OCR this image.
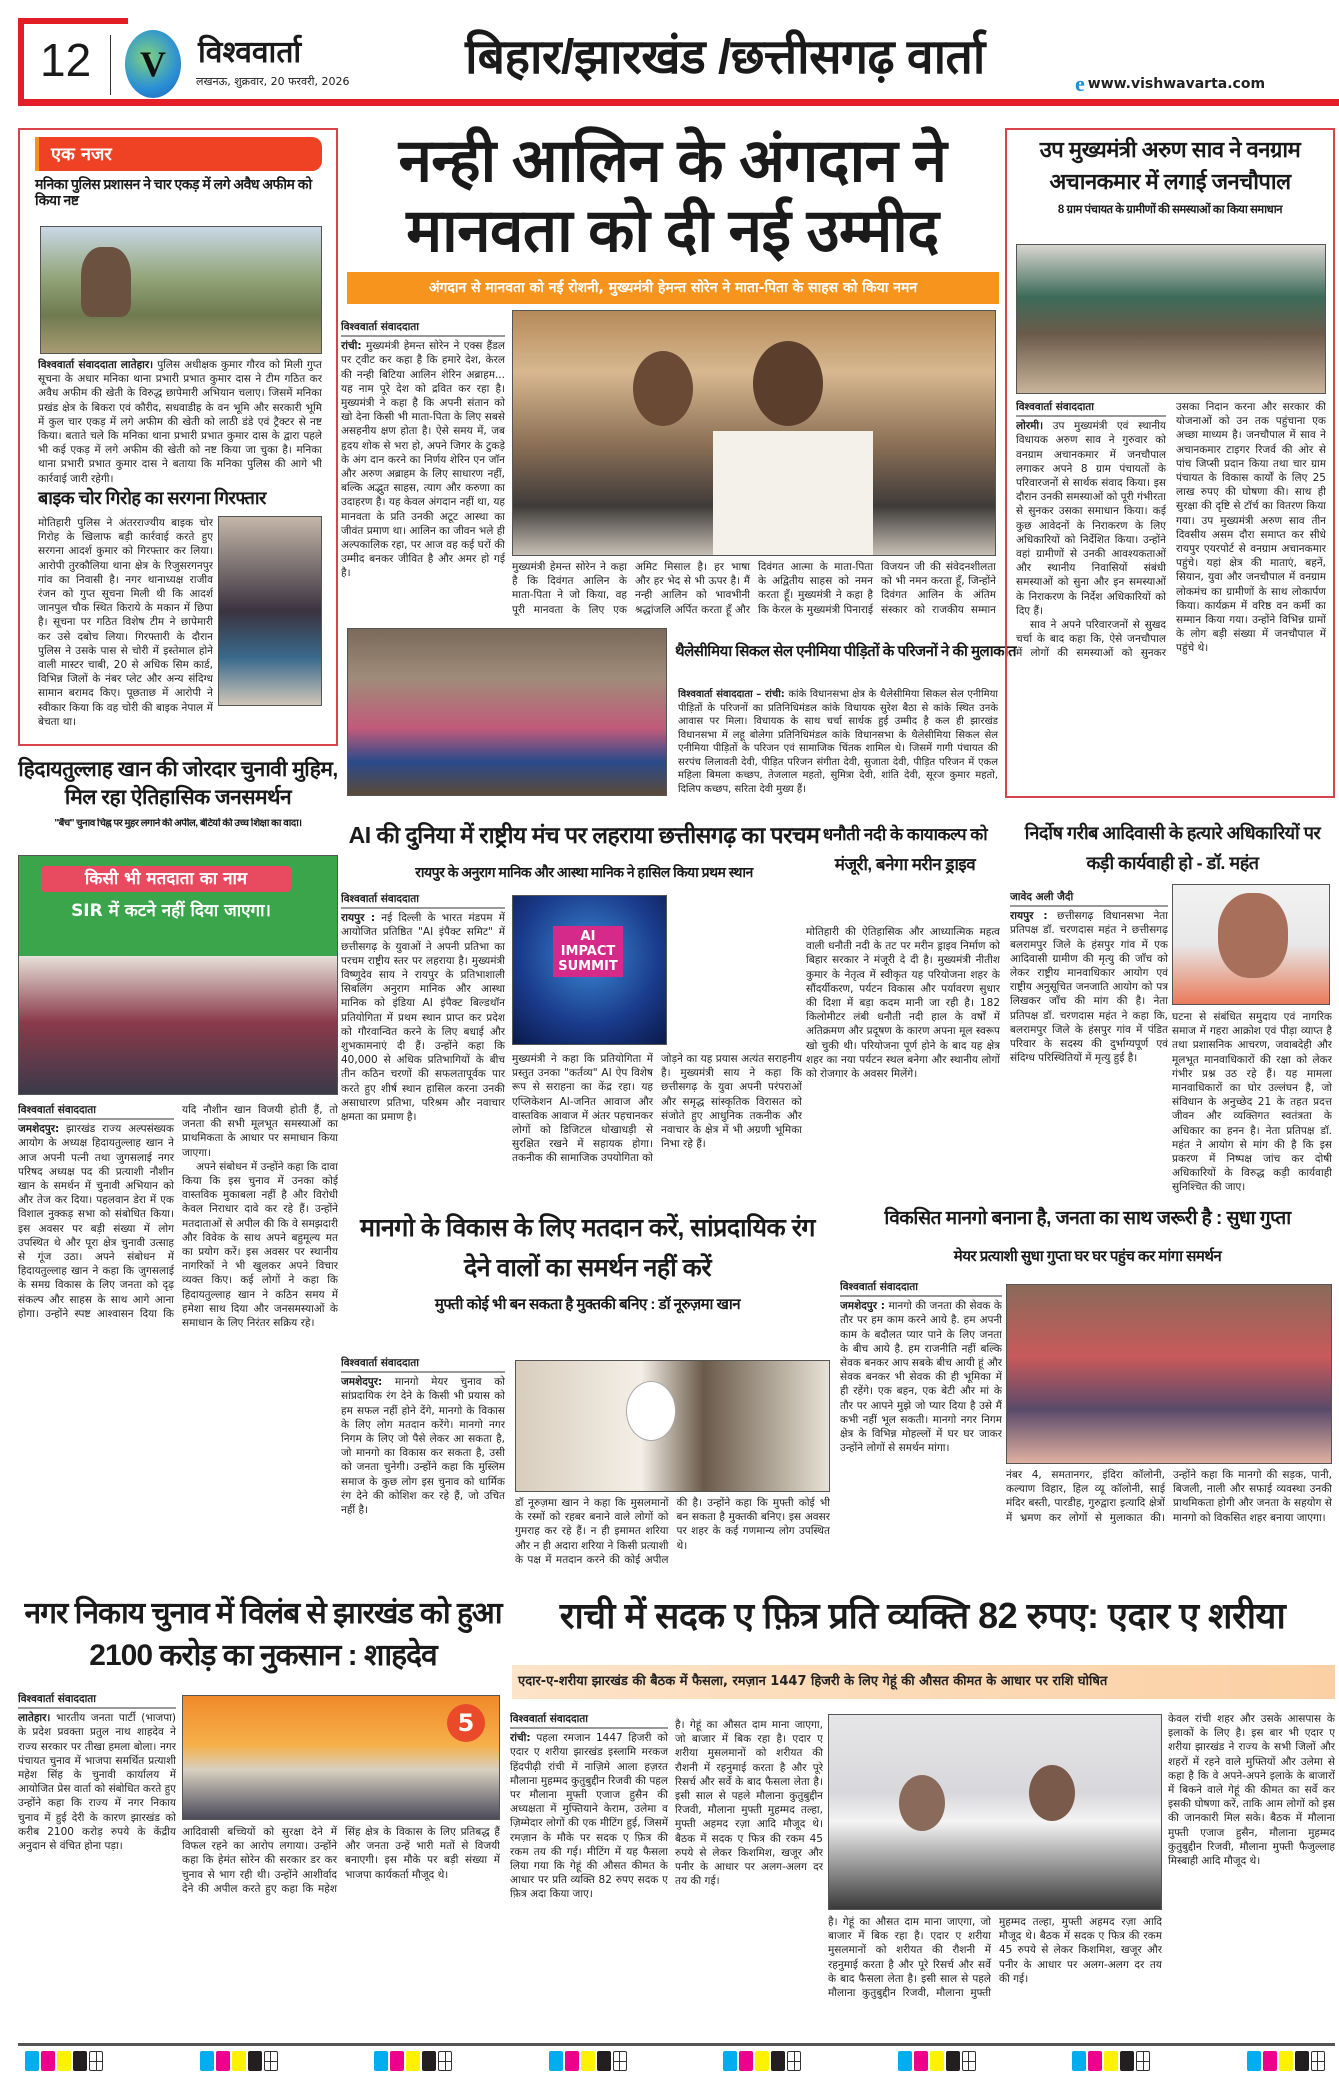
12	V	विश्ववार्ता
लखनऊ, शुक्रवार, 20 फरवरी, 2026	बिहार/झारखंड /छत्तीसगढ़ वार्ता	e www.vishwavarta.com
एक नजर
मनिका पुलिस प्रशासन ने चार एकड़ में लगे अवैध अफीम को किया नष्ट
विश्ववार्ता संवाददाता लातेहार। पुलिस अधीक्षक कुमार गौरव को मिली गुप्त सूचना के अधार मनिका थाना प्रभारी प्रभात कुमार दास ने टीम गठित कर अवैध अफीम की खेती के विरुद्ध छापेमारी अभियान चलाए। जिसमें मनिका प्रखंड क्षेत्र के बिकरा एवं कौरीद, सधवाडीह के वन भूमि और सरकारी भूमि में कुल चार एकड़ में लगे अफीम की खेती को लाठी डंडे एवं ट्रैक्टर से नष्ट किया। बताते चले कि मनिका थाना प्रभारी प्रभात कुमार दास के द्वारा पहले भी कई एकड़ में लगे अफीम की खेती को नष्ट किया जा चुका है। मनिका थाना प्रभारी प्रभात कुमार दास ने बताया कि मनिका पुलिस की आगे भी कार्रवाई जारी रहेगी।
बाइक चोर गिरोह का सरगना गिरफ्तार
मोतिहारी पुलिस ने अंतरराज्यीय बाइक चोर गिरोह के खिलाफ बड़ी कार्रवाई करते हुए सरगना आदर्श कुमार को गिरफ्तार कर लिया। आरोपी तुरकौलिया थाना क्षेत्र के रिजुसरगनपुर गांव का निवासी है। नगर थानाध्यक्ष राजीव रंजन को गुप्त सूचना मिली थी कि आदर्श जानपुल चौक स्थित किराये के मकान में छिपा है। सूचना पर गठित विशेष टीम ने छापेमारी कर उसे दबोच लिया। गिरफ्तारी के दौरान पुलिस ने उसके पास से चोरी में इस्तेमाल होने वाली मास्टर चाबी, 20 से अधिक सिम कार्ड, विभिन्न जिलों के नंबर प्लेट और अन्य संदिग्ध सामान बरामद किए। पूछताछ में आरोपी ने स्वीकार किया कि वह चोरी की बाइक नेपाल में बेचता था।
नन्ही आलिन के अंगदान ने
मानवता को दी नई उम्मीद
अंगदान से मानवता को नई रोशनी, मुख्यमंत्री हेमन्त सोरेन ने माता-पिता के साहस को किया नमन
विश्ववार्ता संवाददाता
रांची: मुख्यमंत्री हेमन्त सोरेन ने एक्स हैंडल पर ट्वीट कर कहा है कि हमारे देश, केरल की नन्ही बिटिया आलिन शेरिन अब्राहम... यह नाम पूरे देश को द्रवित कर रहा है। मुख्यमंत्री ने कहा है कि अपनी संतान को खो देना किसी भी माता-पिता के लिए सबसे असहनीय क्षण होता है। ऐसे समय में, जब हृदय शोक से भरा हो, अपने जिगर के टुकड़े के अंग दान करने का निर्णय शेरिन एन जॉन और अरुण अब्राहम के लिए साधारण नहीं, बल्कि अद्भुत साहस, त्याग और करुणा का उदाहरण है। यह केवल अंगदान नहीं था, यह मानवता के प्रति उनकी अटूट आस्था का जीवंत प्रमाण था। आलिन का जीवन भले ही अल्पकालिक रहा, पर आज वह कई घरों की उम्मीद बनकर जीवित है और अमर हो गई है।
मुख्यमंत्री हेमन्त सोरेन ने कहा है कि दिवंगत आलिन के माता-पिता ने जो किया, वह पूरी मानवता के लिए एक अमिट मिसाल है। हर भाषा और हर भेद से भी ऊपर है। मैं नन्ही आलिन को भावभीनी श्रद्धांजलि अर्पित करता हूँ और दिवंगत आत्मा के माता-पिता के अद्वितीय साहस को नमन करता हूँ। मुख्यमंत्री ने कहा है कि केरल के मुख्यमंत्री पिनाराई विजयन जी की संवेदनशीलता को भी नमन करता हूँ, जिन्होंने दिवंगत आलिन के अंतिम संस्कार को राजकीय सम्मान
थैलेसीमिया सिकल सेल एनीमिया पीड़ितों के परिजनों ने की मुलाकात
विश्ववार्ता संवाददाता – रांची: कांके विधानसभा क्षेत्र के थैलेसीमिया सिकल सेल एनीमिया पीड़ितों के परिजनों का प्रतिनिधिमंडल कांके विधायक सुरेश बैठा से कांके स्थित उनके आवास पर मिला। विधायक के साथ चर्चा सार्थक हुई उम्मीद है कल ही झारखंड विधानसभा में लहू बोलेगा प्रतिनिधिमंडल कांके विधानसभा के थैलेसीमिया सिकल सेल एनीमिया पीड़ितों के परिजन एवं सामाजिक चिंतक शामिल थे। जिसमें गागी पंचायत की सरपंच लिलावती देवी, पीड़ित परिजन संगीता देवी, सुजाता देवी, पीड़ित परिजन में एकल महिला बिमला कच्छप, तेजलाल महतो, सुमित्रा देवी, शांति देवी, सूरज कुमार महतो, दिलिप कच्छप, सरिता देवी मुख्य हैं।
उप मुख्यमंत्री अरुण साव ने वनग्राम अचानकमार में लगाई जनचौपाल
8 ग्राम पंचायत के ग्रामीणों की समस्याओं का किया समाधान
विश्ववार्ता संवाददाता
लोरमी। उप मुख्यमंत्री एवं स्थानीय विधायक अरुण साव ने गुरुवार को वनग्राम अचानकमार में जनचौपाल लगाकर अपने 8 ग्राम पंचायतों के परिवारजनों से सार्थक संवाद किया। इस दौरान उनकी समस्याओं को पूरी गंभीरता से सुनकर उसका समाधान किया। कई कुछ आवेदनों के निराकरण के लिए अधिकारियों को निर्देशित किया। उन्होंने वहां ग्रामीणों से उनकी आवश्यकताओं और स्थानीय निवासियों संबंधी समस्याओं को सुना और इन समस्याओं के निराकरण के निर्देश अधिकारियों को दिए हैं।

साव ने अपने परिवारजनों से सुखद चर्चा के बाद कहा कि, ऐसे जनचौपाल में लोगों की समस्याओं को सुनकर उसका निदान करना और सरकार की योजनाओं को उन तक पहुंचाना एक अच्छा माध्यम है। जनचौपाल में साव ने अचानकमार टाइगर रिजर्व की ओर से पांच जिप्सी प्रदान किया तथा चार ग्राम पंचायत के विकास कार्यों के लिए 25 लाख रुपए की घोषणा की। साथ ही सुरक्षा की दृष्टि से टॉर्च का वितरण किया गया। उप मुख्यमंत्री अरुण साव तीन दिवसीय असम दौरा समाप्त कर सीधे रायपुर एयरपोर्ट से वनग्राम अचानकमार पहुंचे। यहां क्षेत्र की माताएं, बहनें, सियान, युवा और जनचौपाल में वनग्राम लोकमंच का ग्रामीणों के साथ लोकार्पण किया। कार्यक्रम में वरिष्ठ वन कर्मी का सम्मान किया गया। उन्होंने विभिन्न ग्रामों के लोग बड़ी संख्या में जनचौपाल में पहुंचे थे।

हिदायतुल्लाह खान की जोरदार चुनावी मुहिम, मिल रहा ऐतिहासिक जनसमर्थन
"बैंच" चुनाव चिह्न पर मुहर लगाने की अपील, बेटियों की उच्च शिक्षा का वादा।
किसी भी मतदाता का नाम
SIR में कटने नहीं दिया जाएगा।
विश्ववार्ता संवाददाता
जमशेदपुर: झारखंड राज्य अल्पसंख्यक आयोग के अध्यक्ष हिदायतुल्लाह खान ने आज अपनी पत्नी तथा जुगसलाई नगर परिषद अध्यक्ष पद की प्रत्याशी नौशीन खान के समर्थन में चुनावी अभियान को और तेज कर दिया। पहलवान डेरा में एक विशाल नुक्कड़ सभा को संबोधित किया। इस अवसर पर बड़ी संख्या में लोग उपस्थित थे और पूरा क्षेत्र चुनावी उत्साह से गूंज उठा। अपने संबोधन में हिदायतुल्लाह खान ने कहा कि जुगसलाई के समग्र विकास के लिए जनता को दृढ़ संकल्प और साहस के साथ आगे आना होगा। उन्होंने स्पष्ट आश्वासन दिया कि यदि नौशीन खान विजयी होती हैं, तो जनता की सभी मूलभूत समस्याओं का प्राथमिकता के आधार पर समाधान किया जाएगा।

अपने संबोधन में उन्होंने कहा कि दावा किया कि इस चुनाव में उनका कोई वास्तविक मुकाबला नहीं है और विरोधी केवल निराधार दावे कर रहे हैं। उन्होंने मतदाताओं से अपील की कि वे समझदारी और विवेक के साथ अपने बहुमूल्य मत का प्रयोग करें। इस अवसर पर स्थानीय नागरिकों ने भी खुलकर अपने विचार व्यक्त किए। कई लोगों ने कहा कि हिदायतुल्लाह खान ने कठिन समय में हमेशा साथ दिया और जनसमस्याओं के समाधान के लिए निरंतर सक्रिय रहे।

AI की दुनिया में राष्ट्रीय मंच पर लहराया छत्तीसगढ़ का परचम
रायपुर के अनुराग मानिक और आस्था मानिक ने हासिल किया प्रथम स्थान
विश्ववार्ता संवाददाता
रायपुर : नई दिल्ली के भारत मंडपम में आयोजित प्रतिष्ठित "AI इंपैक्ट समिट" में छत्तीसगढ़ के युवाओं ने अपनी प्रतिभा का परचम राष्ट्रीय स्तर पर लहराया है। मुख्यमंत्री विष्णुदेव साय ने रायपुर के प्रतिभाशाली सिबलिंग अनुराग मानिक और आस्था मानिक को इंडिया AI इंपैक्ट बिल्डथॉन प्रतियोगिता में प्रथम स्थान प्राप्त कर प्रदेश को गौरवान्वित करने के लिए बधाई और शुभकामनाएं दी हैं। उन्होंने कहा कि 40,000 से अधिक प्रतिभागियों के बीच तीन कठिन चरणों की सफलतापूर्वक पार करते हुए शीर्ष स्थान हासिल करना उनकी असाधारण प्रतिभा, परिश्रम और नवाचार क्षमता का प्रमाण है।
AI IMPACT SUMMIT
मुख्यमंत्री ने कहा कि प्रतियोगिता में प्रस्तुत उनका "कर्तव्य" AI ऐप विशेष रूप से सराहना का केंद्र रहा। यह एप्लिकेशन AI-जनित आवाज और वास्तविक आवाज में अंतर पहचानकर लोगों को डिजिटल धोखाधड़ी से सुरक्षित रखने में सहायक होगा। तकनीक की सामाजिक उपयोगिता को जोड़ने का यह प्रयास अत्यंत सराहनीय है। मुख्यमंत्री साय ने कहा कि छत्तीसगढ़ के युवा अपनी परंपराओं और समृद्ध सांस्कृतिक विरासत को संजोते हुए आधुनिक तकनीक और नवाचार के क्षेत्र में भी अग्रणी भूमिका निभा रहे हैं।
धनौती नदी के कायाकल्प को मंजूरी, बनेगा मरीन ड्राइव
मोतिहारी की ऐतिहासिक और आध्यात्मिक महत्व वाली धनौती नदी के तट पर मरीन ड्राइव निर्माण को बिहार सरकार ने मंजूरी दे दी है। मुख्यमंत्री नीतीश कुमार के नेतृत्व में स्वीकृत यह परियोजना शहर के सौंदर्यीकरण, पर्यटन विकास और पर्यावरण सुधार की दिशा में बड़ा कदम मानी जा रही है। 182 किलोमीटर लंबी धनौती नदी हाल के वर्षों में अतिक्रमण और प्रदूषण के कारण अपना मूल स्वरूप खो चुकी थी। परियोजना पूर्ण होने के बाद यह क्षेत्र शहर का नया पर्यटन स्थल बनेगा और स्थानीय लोगों को रोजगार के अवसर मिलेंगे।
निर्दोष गरीब आदिवासी के हत्यारे अधिकारियों पर कड़ी कार्यवाही हो - डॉ. महंत
जावेद अली जैदी
रायपुर : छत्तीसगढ़ विधानसभा नेता प्रतिपक्ष डॉ. चरणदास महंत ने छत्तीसगढ़ बलरामपुर जिले के हंसपुर गांव में एक आदिवासी ग्रामीण की मृत्यु की जाँच को लेकर राष्ट्रीय मानवाधिकार आयोग एवं राष्ट्रीय अनुसूचित जनजाति आयोग को पत्र लिखकर जाँच की मांग की है। नेता प्रतिपक्ष डॉ. चरणदास महंत ने कहा कि, बलरामपुर जिले के हंसपुर गांव में पंडित परिवार के सदस्य की दुर्भाग्यपूर्ण एवं संदिग्ध परिस्थितियों में मृत्यु हुई है।
घटना से संबंधित समुदाय एवं नागरिक समाज में गहरा आक्रोश एवं पीड़ा व्याप्त है तथा प्रशासनिक आचरण, जवाबदेही और मूलभूत मानवाधिकारों की रक्षा को लेकर गंभीर प्रश्न उठ रहे हैं। यह मामला मानवाधिकारों का घोर उल्लंघन है, जो संविधान के अनुच्छेद 21 के तहत प्रदत्त जीवन और व्यक्तिगत स्वतंत्रता के अधिकार का हनन है। नेता प्रतिपक्ष डॉ. महंत ने आयोग से मांग की है कि इस प्रकरण में निष्पक्ष जांच कर दोषी अधिकारियों के विरुद्ध कड़ी कार्यवाही सुनिश्चित की जाए।
मानगो के विकास के लिए मतदान करें, सांप्रदायिक रंग देने वालों का समर्थन नहीं करें
मुफ्ती कोई भी बन सकता है मुक्तकी बनिए : डॉ नूरुज़मा खान
विश्ववार्ता संवाददाता
जमशेदपुर: मानगो मेयर चुनाव को सांप्रदायिक रंग देने के किसी भी प्रयास को हम सफल नहीं होने देंगे, मानगो के विकास के लिए लोग मतदान करेंगे। मानगो नगर निगम के लिए जो पैसे लेकर आ सकता है, जो मानगो का विकास कर सकता है, उसी को जनता चुनेगी। उन्होंने कहा कि मुस्लिम समाज के कुछ लोग इस चुनाव को धार्मिक रंग देने की कोशिश कर रहे हैं, जो उचित नहीं है।
डॉ नूरुज़मा खान ने कहा कि मुसलमानों के रस्मों को रहबर बनाने वाले लोगों को गुमराह कर रहे हैं। न ही इमामत शरिया और न ही अदारा शरिया ने किसी प्रत्याशी के पक्ष में मतदान करने की कोई अपील की है। उन्होंने कहा कि मुफ्ती कोई भी बन सकता है मुक्तकी बनिए। इस अवसर पर शहर के कई गणमान्य लोग उपस्थित थे।
विकसित मानगो बनाना है, जनता का साथ जरूरी है : सुधा गुप्ता
मेयर प्रत्याशी सुधा गुप्ता घर घर पहुंच कर मांगा समर्थन
विश्ववार्ता संवाददाता
जमशेदपुर : मानगो की जनता की सेवक के तौर पर हम काम करने आये है. हम अपनी काम के बदौलत प्यार पाने के लिए जनता के बीच आये है. हम राजनीति नहीं बल्कि सेवक बनकर आप सबके बीच आयी हूं और सेवक बनकर भी सेवक की ही भूमिका में ही रहेंगे। एक बहन, एक बेटी और मां के तौर पर आपने मुझे जो प्यार दिया है उसे मैं कभी नहीं भूल सकती। मानगो नगर निगम क्षेत्र के विभिन्न मोहल्लों में घर घर जाकर उन्होंने लोगों से समर्थन मांगा।
नंबर 4, समतानगर, इंदिरा कॉलोनी, कल्याण विहार, हिल व्यू कॉलोनी, साई मंदिर बस्ती, पारडीह, गुरुद्वारा इत्यादि क्षेत्रों में भ्रमण कर लोगों से मुलाकात की। उन्होंने कहा कि मानगो की सड़क, पानी, बिजली, नाली और सफाई व्यवस्था उनकी प्राथमिकता होगी और जनता के सहयोग से मानगो को विकसित शहर बनाया जाएगा।
नगर निकाय चुनाव में विलंब से झारखंड को हुआ 2100 करोड़ का नुकसान : शाहदेव
विश्ववार्ता संवाददाता
लातेहार। भारतीय जनता पार्टी (भाजपा) के प्रदेश प्रवक्ता प्रतुल नाथ शाहदेव ने राज्य सरकार पर तीखा हमला बोला। नगर पंचायत चुनाव में भाजपा समर्थित प्रत्याशी महेश सिंह के चुनावी कार्यालय में आयोजित प्रेस वार्ता को संबोधित करते हुए उन्होंने कहा कि राज्य में नगर निकाय चुनाव में हुई देरी के कारण झारखंड को करीब 2100 करोड़ रुपये के केंद्रीय अनुदान से वंचित होना पड़ा।
5
आदिवासी बच्चियों को सुरक्षा देने में विफल रहने का आरोप लगाया। उन्होंने कहा कि हेमंत सोरेन की सरकार डर कर चुनाव से भाग रही थी। उन्होंने आशीर्वाद देने की अपील करते हुए कहा कि महेश सिंह क्षेत्र के विकास के लिए प्रतिबद्ध हैं और जनता उन्हें भारी मतों से विजयी बनाएगी। इस मौके पर बड़ी संख्या में भाजपा कार्यकर्ता मौजूद थे।
राची में सदक ए फ़ित्र प्रति व्यक्ति 82 रुपए: एदार ए शरीया
एदार-ए-शरीया झारखंड की बैठक में फैसला, रमज़ान 1447 हिजरी के लिए गेहूं की औसत कीमत के आधार पर राशि घोषित
विश्ववार्ता संवाददाता
रांची: पहला रमजान 1447 हिजरी को एदार ए शरीया झारखंड इस्लामि मरकज हिंदपीढ़ी रांची में नाज़िमे आला हज़रत मौलाना मुहम्मद कुतुबुद्दीन रिजवी की पहल पर मौलाना मुफ्ती एजाज हुसैन की अध्यक्षता में मुफ्तियाने केराम, उलेमा व ज़िम्मेदार लोगों की एक मीटिंग हुई, जिसमें रमज़ान के मौके पर सदक ए फ़ित्र की रकम तय की गई। मीटिंग में यह फैसला लिया गया कि गेहूं की औसत कीमत के आधार पर प्रति व्यक्ति 82 रुपए सदक ए फ़ित्र अदा किया जाए।
है। गेहूं का औसत दाम माना जाएगा, जो बाजार में बिक रहा है। एदार ए शरीया मुसलमानों को शरीयत की रौशनी में रहनुमाई करता है और पूरे रिसर्च और सर्वे के बाद फैसला लेता है। इसी साल से पहले मौलाना कुतुबुद्दीन रिजवी, मौलाना मुफ्ती मुहम्मद तल्हा, मुफ्ती अहमद रज़ा आदि मौजूद थे। बैठक में सदक ए फित्र की रकम 45 रुपये से लेकर किशमिश, खजूर और पनीर के आधार पर अलग-अलग दर तय की गई।
केवल रांची शहर और उसके आसपास के इलाकों के लिए है। इस बार भी एदार ए शरीया झारखंड ने राज्य के सभी जिलों और शहरों में रहने वाले मुफ्तियों और उलेमा से कहा है कि वे अपने-अपने इलाके के बाजारों में बिकने वाले गेहूं की कीमत का सर्वे कर इसकी घोषणा करें, ताकि आम लोगों को इस की जानकारी मिल सके। बैठक में मौलाना मुफ्ती एजाज हुसैन, मौलाना मुहम्मद कुतुबुद्दीन रिजवी, मौलाना मुफ्ती फैजुल्लाह मिस्बाही आदि मौजूद थे।
है। गेहूं का औसत दाम माना जाएगा, जो बाजार में बिक रहा है। एदार ए शरीया मुसलमानों को शरीयत की रौशनी में रहनुमाई करता है और पूरे रिसर्च और सर्वे के बाद फैसला लेता है। इसी साल से पहले मौलाना कुतुबुद्दीन रिजवी, मौलाना मुफ्ती मुहम्मद तल्हा, मुफ्ती अहमद रज़ा आदि मौजूद थे। बैठक में सदक ए फित्र की रकम 45 रुपये से लेकर किशमिश, खजूर और पनीर के आधार पर अलग-अलग दर तय की गई।
